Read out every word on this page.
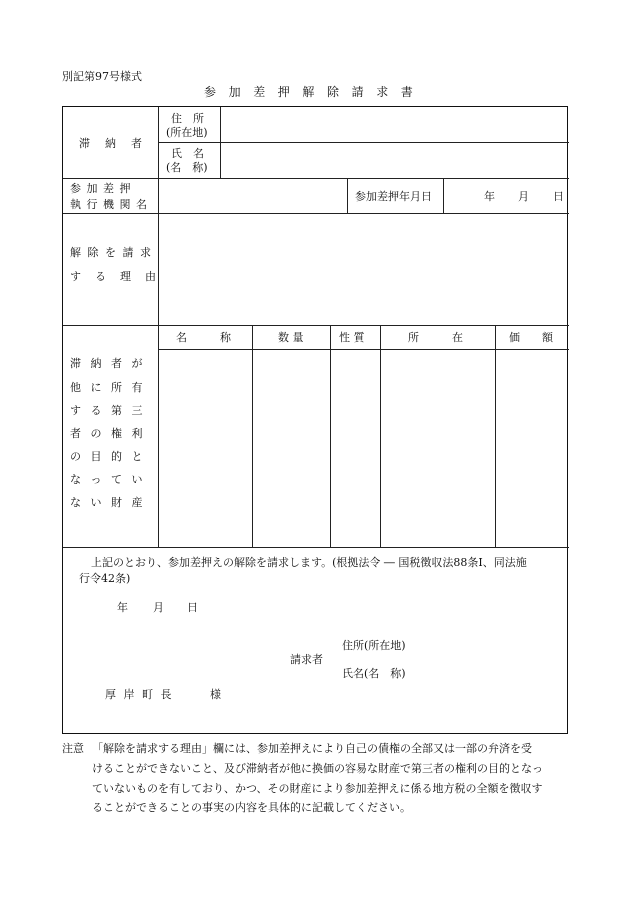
別記第97号様式
参加差押解除請求書
滞　納　者
住　所
(所在地)
氏　名
(名　称)
参 加 差 押
執 行 機 関 名
参加差押年月日	年 月 日
解 除 を 請 求
す　る　理　由
名　　　称	数 量	性 質	所　　　在	価　　額
滞 納 者 が
他 に 所 有
す る 第 三
者 の 権 利
の 目 的 と
な っ て い
な い 財 産
上記のとおり、参加差押えの解除を請求します。(根拠法令 ― 国税徴収法88条Ⅰ、同法施
行令42条)
年 月 日
住所(所在地)
請求者
氏名(名　称)
厚 岸 町 長	様
注意 「解除を請求する理由」欄には、参加差押えにより自己の債権の全部又は一部の弁済を受
けることができないこと、及び滞納者が他に換価の容易な財産で第三者の権利の目的となっ
ていないものを有しており、かつ、その財産により参加差押えに係る地方税の全額を徴収す
ることができることの事実の内容を具体的に記載してください。
